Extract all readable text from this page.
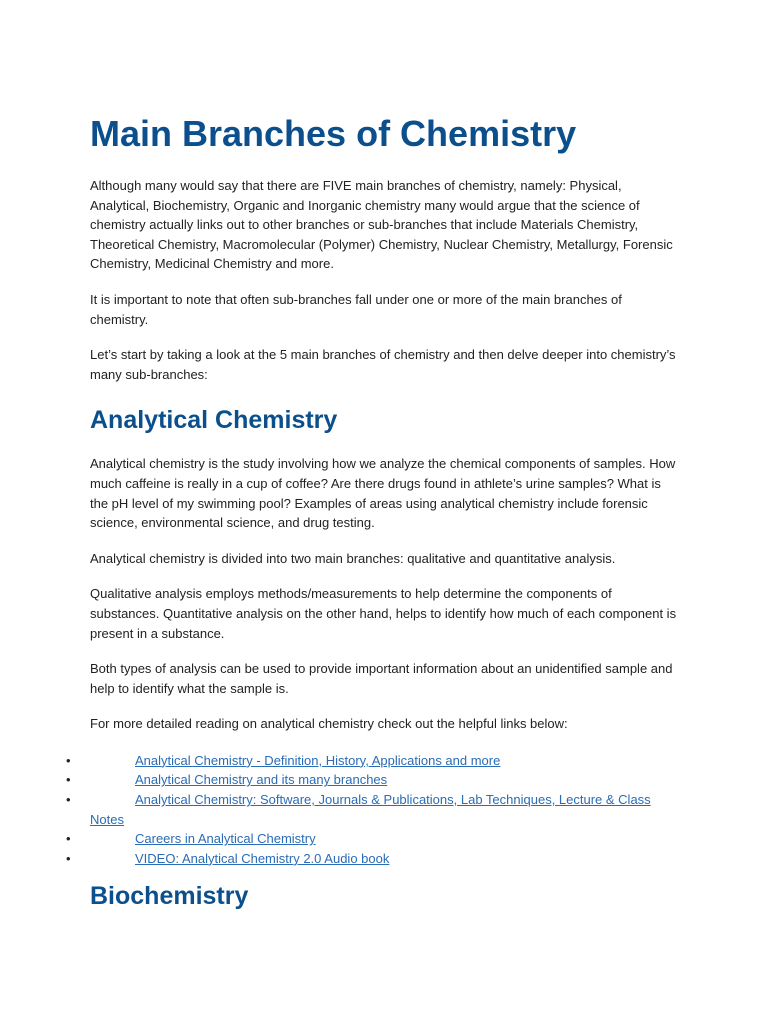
Main Branches of Chemistry

Although many would say that there are FIVE main branches of chemistry, namely: Physical, Analytical, Biochemistry, Organic and Inorganic chemistry many would argue that the science of chemistry actually links out to other branches or sub-branches that include Materials Chemistry, Theoretical Chemistry, Macromolecular (Polymer) Chemistry, Nuclear Chemistry, Metallurgy, Forensic Chemistry, Medicinal Chemistry and more.

It is important to note that often sub-branches fall under one or more of the main branches of chemistry.

Let’s start by taking a look at the 5 main branches of chemistry and then delve deeper into chemistry’s many sub-branches:

Analytical Chemistry

Analytical chemistry is the study involving how we analyze the chemical components of samples. How much caffeine is really in a cup of coffee? Are there drugs found in athlete’s urine samples? What is the pH level of my swimming pool? Examples of areas using analytical chemistry include forensic science, environmental science, and drug testing.

Analytical chemistry is divided into two main branches: qualitative and quantitative analysis.

Qualitative analysis employs methods/measurements to help determine the components of substances. Quantitative analysis on the other hand, helps to identify how much of each component is present in a substance.

Both types of analysis can be used to provide important information about an unidentified sample and help to identify what the sample is.

For more detailed reading on analytical chemistry check out the helpful links below:

•	Analytical Chemistry - Definition, History, Applications and more
•	Analytical Chemistry and its many branches
•	Analytical Chemistry: Software, Journals & Publications, Lab Techniques, Lecture & Class Notes
•	Careers in Analytical Chemistry
•	VIDEO: Analytical Chemistry 2.0 Audio book
Biochemistry
